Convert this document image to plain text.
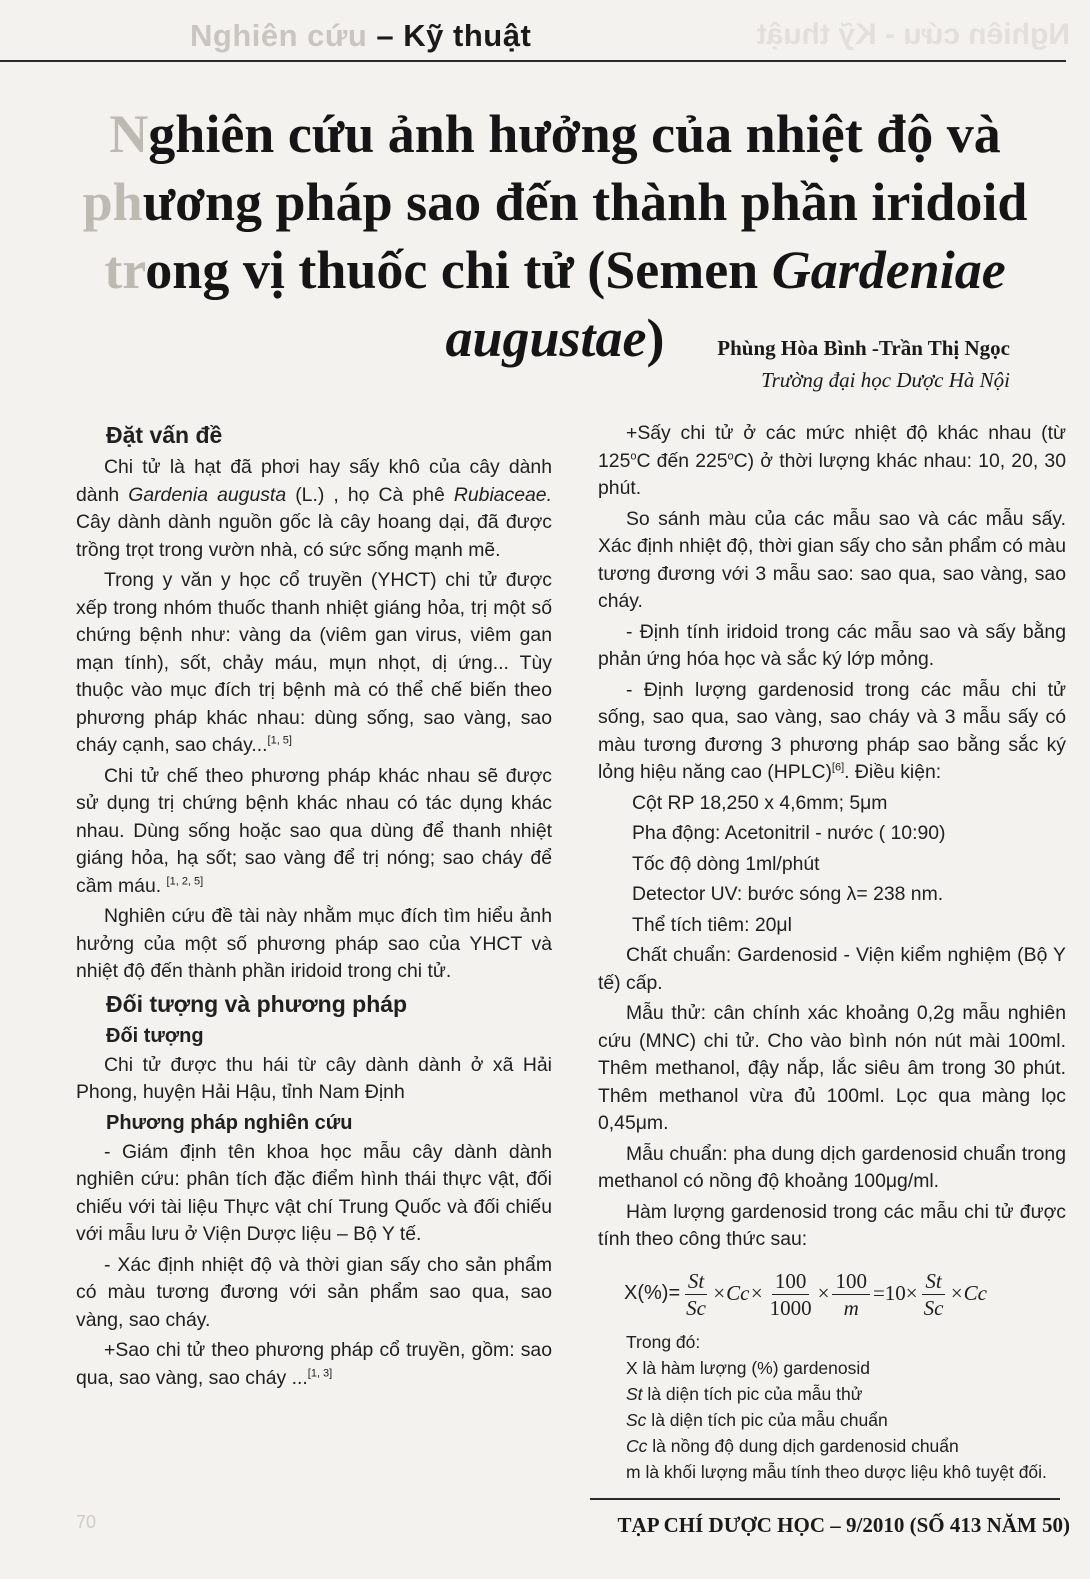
Nghiên cứu – Kỹ thuật	Nghiên cứu - Kỹ thuật
Nghiên cứu ảnh hưởng của nhiệt độ và
phương pháp sao đến thành phần iridoid
trong vị thuốc chi tử (Semen Gardeniae augustae)	Phùng Hòa Bình -Trần Thị Ngọc
Trường đại học Dược Hà Nội
Đặt vấn đề

Chi tử là hạt đã phơi hay sấy khô của cây dành dành Gardenia augusta (L.) , họ Cà phê Rubiaceae. Cây dành dành nguồn gốc là cây hoang dại, đã được trồng trọt trong vườn nhà, có sức sống mạnh mẽ.

Trong y văn y học cổ truyền (YHCT) chi tử được xếp trong nhóm thuốc thanh nhiệt giáng hỏa, trị một số chứng bệnh như: vàng da (viêm gan virus, viêm gan mạn tính), sốt, chảy máu, mụn nhọt, dị ứng... Tùy thuộc vào mục đích trị bệnh mà có thể chế biến theo phương pháp khác nhau: dùng sống, sao vàng, sao cháy cạnh, sao cháy...[1, 5]

Chi tử chế theo phương pháp khác nhau sẽ được sử dụng trị chứng bệnh khác nhau có tác dụng khác nhau. Dùng sống hoặc sao qua dùng để thanh nhiệt giáng hỏa, hạ sốt; sao vàng để trị nóng; sao cháy để cầm máu. [1, 2, 5]

Nghiên cứu đề tài này nhằm mục đích tìm hiểu ảnh hưởng của một số phương pháp sao của YHCT và nhiệt độ đến thành phần iridoid trong chi tử.

Đối tượng và phương pháp
Đối tượng

Chi tử được thu hái từ cây dành dành ở xã Hải Phong, huyện Hải Hậu, tỉnh Nam Định

Phương pháp nghiên cứu

- Giám định tên khoa học mẫu cây dành dành nghiên cứu: phân tích đặc điểm hình thái thực vật, đối chiếu với tài liệu Thực vật chí Trung Quốc và đối chiếu với mẫu lưu ở Viện Dược liệu – Bộ Y tế.

- Xác định nhiệt độ và thời gian sấy cho sản phẩm có màu tương đương với sản phẩm sao qua, sao vàng, sao cháy.

+Sao chi tử theo phương pháp cổ truyền, gồm: sao qua, sao vàng, sao cháy ...[1, 3]

+Sấy chi tử ở các mức nhiệt độ khác nhau (từ 125$^o$C đến 225$^o$C) ở thời lượng khác nhau: 10, 20, 30 phút.

So sánh màu của các mẫu sao và các mẫu sấy. Xác định nhiệt độ, thời gian sấy cho sản phẩm có màu tương đương với 3 mẫu sao: sao qua, sao vàng, sao cháy.

- Định tính iridoid trong các mẫu sao và sấy bằng phản ứng hóa học và sắc ký lớp mỏng.

- Định lượng gardenosid trong các mẫu chi tử sống, sao qua, sao vàng, sao cháy và 3 mẫu sấy có màu tương đương 3 phương pháp sao bằng sắc ký lỏng hiệu năng cao (HPLC)[6]. Điều kiện:

Cột RP 18,250 x 4,6mm; 5μm

Pha động: Acetonitril - nước ( 10:90)

Tốc độ dòng 1ml/phút

Detector UV: bước sóng λ= 238 nm.

Thể tích tiêm: 20μl

Chất chuẩn: Gardenosid - Viện kiểm nghiệm (Bộ Y tế) cấp.

Mẫu thử: cân chính xác khoảng 0,2g mẫu nghiên cứu (MNC) chi tử. Cho vào bình nón nút mài 100ml. Thêm methanol, đậy nắp, lắc siêu âm trong 30 phút. Thêm methanol vừa đủ 100ml. Lọc qua màng lọc 0,45μm.

Mẫu chuẩn: pha dung dịch gardenosid chuẩn trong methanol có nồng độ khoảng 100μg/ml.

Hàm lượng gardenosid trong các mẫu chi tử được tính theo công thức sau:

$X(\%)= \frac{St}{Sc} \times Cc\times \frac{100}{1000} \times \frac{100}{m} =10\times \frac{St}{Sc} \times Cc$
Trong đó:
X là hàm lượng (%) gardenosid
St là diện tích pic của mẫu thử
Sc là diện tích pic của mẫu chuẩn
Cc là nồng độ dung dịch gardenosid chuẩn
m là khối lượng mẫu tính theo dược liệu khô tuyệt đối.
70	TẠP CHÍ DƯỢC HỌC – 9/2010 (SỐ 413 NĂM 50)
